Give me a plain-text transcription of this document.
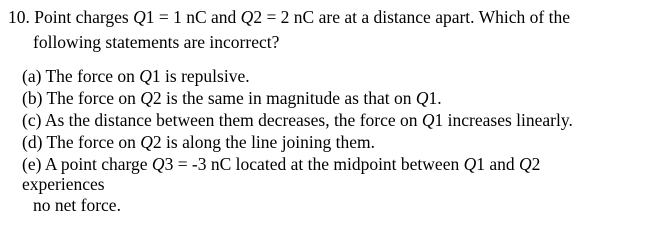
10. Point charges Q1 = 1 nC and Q2 = 2 nC are at a distance apart. Which of the
following statements are incorrect?
(a) The force on Q1 is repulsive.
(b) The force on Q2 is the same in magnitude as that on Q1.
(c) As the distance between them decreases, the force on Q1 increases linearly.
(d) The force on Q2 is along the line joining them.
(e) A point charge Q3 = -3 nC located at the midpoint between Q1 and Q2
experiences
no net force.
